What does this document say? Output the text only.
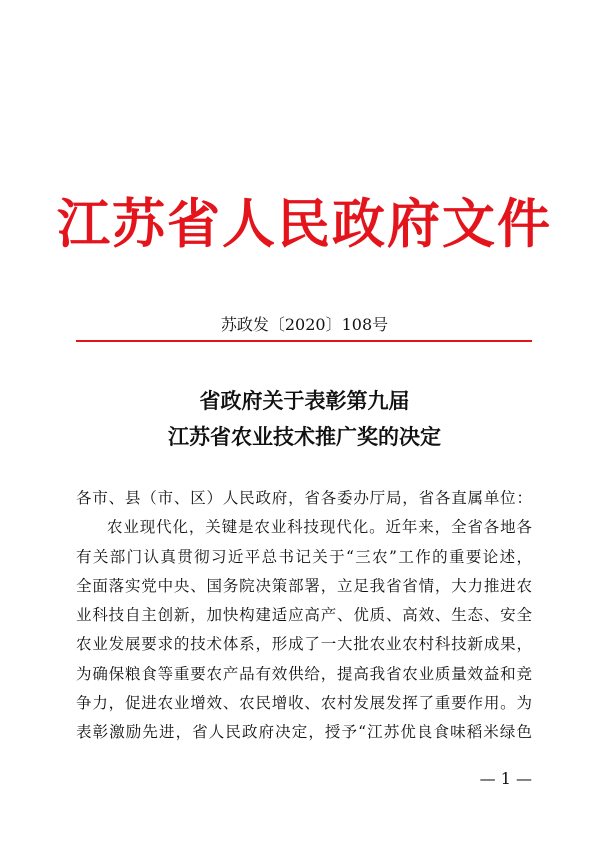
江苏省人民政府文件
苏政发〔2020〕108号
省政府关于表彰第九届
江苏省农业技术推广奖的决定
各市、县（市、区）人民政府，省各委办厅局，省各直属单位：
农业现代化，关键是农业科技现代化。近年来，全省各地各
有关部门认真贯彻习近平总书记关于“三农”工作的重要论述，
全面落实党中央、国务院决策部署，立足我省省情，大力推进农
业科技自主创新，加快构建适应高产、优质、高效、生态、安全
农业发展要求的技术体系，形成了一大批农业农村科技新成果，
为确保粮食等重要农产品有效供给，提高我省农业质量效益和竞
争力，促进农业增效、农民增收、农村发展发挥了重要作用。为
表彰激励先进，省人民政府决定，授予“江苏优良食味稻米绿色
— 1 —
